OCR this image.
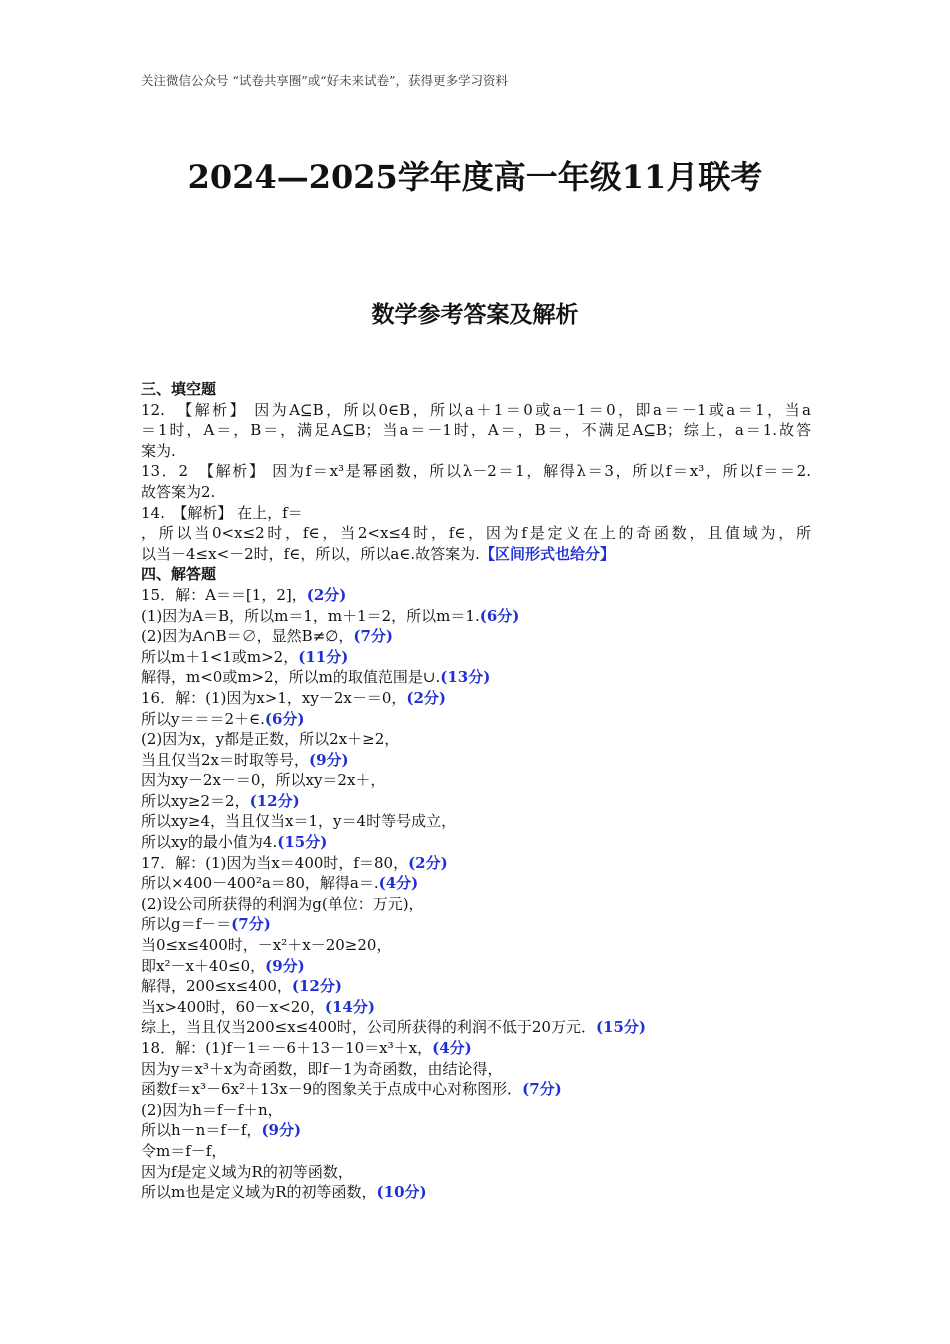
关注微信公众号 “试卷共享圈”或“好未来试卷”，获得更多学习资料
2024—2025学年度高一年级11月联考
数学参考答案及解析
三、填空题
12.　【解析】 因为A⊆B，所以0∈B，所以a＋1＝0或a－1＝0，即a＝－1或a＝1，当a
＝1时，A＝，B＝，满足A⊆B；当a＝－1时，A＝，B＝，不满足A⊆B；综上，a＝1.故答
案为.
13．2　【解析】 因为f＝x³是幂函数，所以λ－2＝1，解得λ＝3，所以f＝x³，所以f＝＝2.
故答案为2.
14.　【解析】 在上，f＝
，所以当0<x≤2时，f∈，当2<x≤4时，f∈，因为f是定义在上的奇函数，且值域为，所
以当－4≤x<－2时，f∈，所以，所以a∈.故答案为.【区间形式也给分】
四、解答题
15．解：A＝＝[1，2]，(2分)
(1)因为A＝B，所以m＝1，m＋1＝2，所以m＝1.(6分)
(2)因为A∩B＝∅，显然B≠∅，(7分)
所以m＋1<1或m>2，(11分)
解得，m<0或m>2，所以m的取值范围是∪.(13分)
16．解：(1)因为x>1，xy－2x－＝0，(2分)
所以y＝＝＝2＋∈.(6分)
(2)因为x，y都是正数，所以2x＋≥2，
当且仅当2x＝时取等号，(9分)
因为xy－2x－＝0，所以xy＝2x＋，
所以xy≥2＝2，(12分)
所以xy≥4，当且仅当x＝1，y＝4时等号成立，
所以xy的最小值为4.(15分)
17．解：(1)因为当x＝400时，f＝80，(2分)
所以×400－400²a＝80，解得a＝.(4分)
(2)设公司所获得的利润为g(单位：万元)，
所以g＝f－＝(7分)
当0≤x≤400时，－x²＋x－20≥20，
即x²－x＋40≤0，(9分)
解得，200≤x≤400，(12分)
当x>400时，60－x<20，(14分)
综上，当且仅当200≤x≤400时，公司所获得的利润不低于20万元．(15分)
18．解：(1)f－1＝－6＋13－10＝x³＋x，(4分)
因为y＝x³＋x为奇函数，即f－1为奇函数，由结论得，
函数f＝x³－6x²＋13x－9的图象关于点成中心对称图形．(7分)
(2)因为h＝f－f＋n，
所以h－n＝f－f，(9分)
令m＝f－f，
因为f是定义域为R的初等函数，
所以m也是定义域为R的初等函数，(10分)
